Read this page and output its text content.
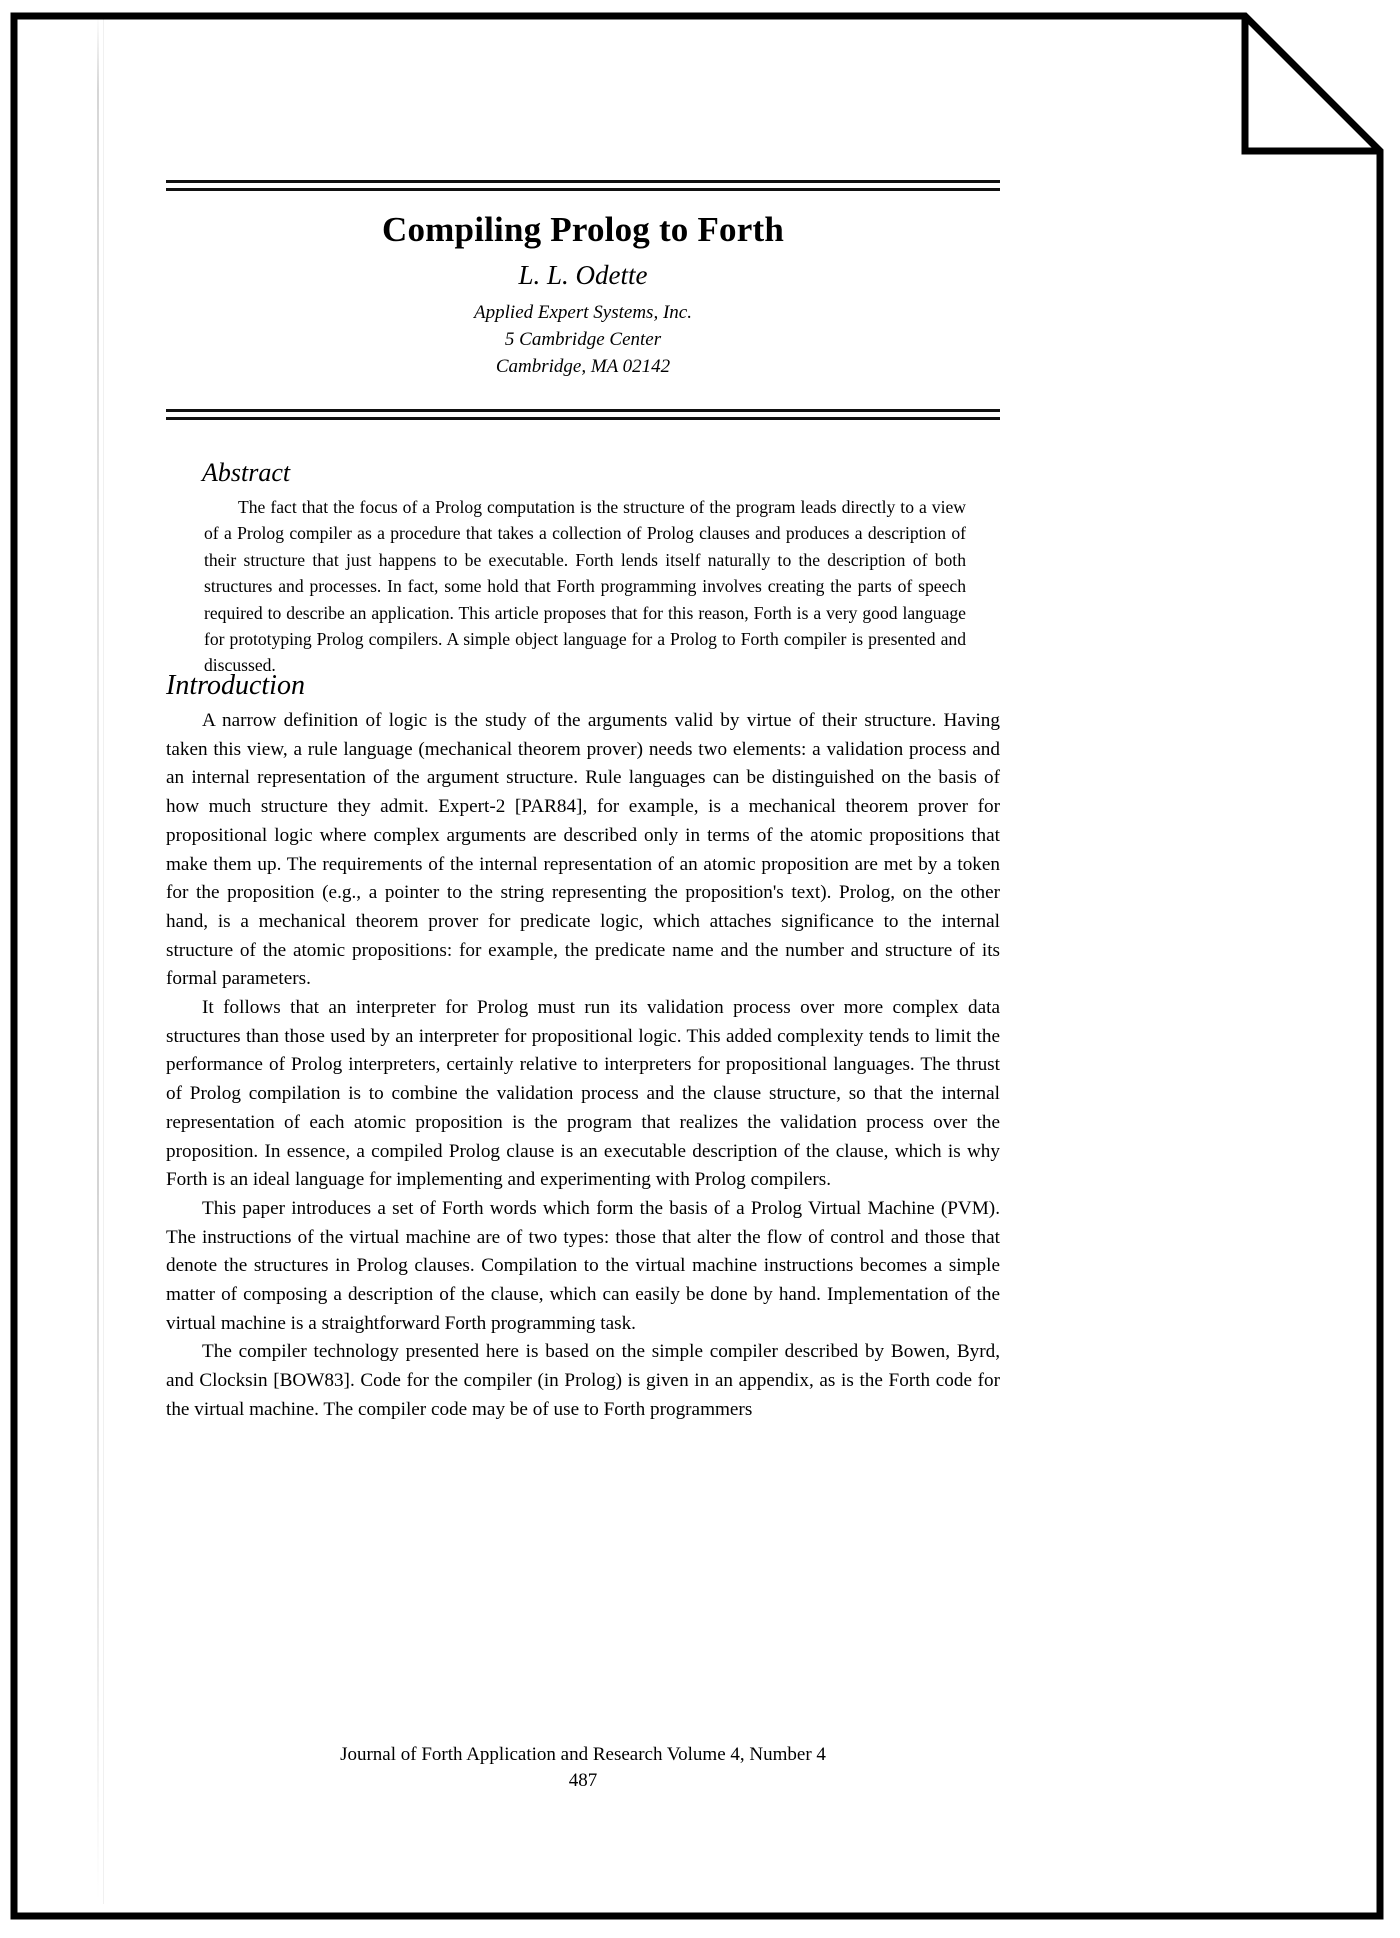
Compiling Prolog to Forth
L. L. Odette
Applied Expert Systems, Inc.
5 Cambridge Center
Cambridge, MA 02142
Abstract

The fact that the focus of a Prolog computation is the structure of the program leads directly to a view of a Prolog compiler as a procedure that takes a collection of Prolog clauses and produces a description of their structure that just happens to be executable. Forth lends itself naturally to the description of both structures and processes. In fact, some hold that Forth programming involves creating the parts of speech required to describe an application. This article proposes that for this reason, Forth is a very good language for prototyping Prolog compilers. A simple object language for a Prolog to Forth compiler is presented and discussed.

Introduction

A narrow definition of logic is the study of the arguments valid by virtue of their structure. Having taken this view, a rule language (mechanical theorem prover) needs two elements: a validation process and an internal representation of the argument structure. Rule languages can be distinguished on the basis of how much structure they admit. Expert-2 [PAR84], for example, is a mechanical theorem prover for propositional logic where complex arguments are described only in terms of the atomic propositions that make them up. The requirements of the internal representation of an atomic proposition are met by a token for the proposition (e.g., a pointer to the string representing the proposition's text). Prolog, on the other hand, is a mechanical theorem prover for predicate logic, which attaches significance to the internal structure of the atomic propositions: for example, the predicate name and the number and structure of its formal parameters.

It follows that an interpreter for Prolog must run its validation process over more complex data structures than those used by an interpreter for propositional logic. This added complexity tends to limit the performance of Prolog interpreters, certainly relative to interpreters for propositional languages. The thrust of Prolog compilation is to combine the validation process and the clause structure, so that the internal representation of each atomic proposition is the program that realizes the validation process over the proposition. In essence, a compiled Prolog clause is an executable description of the clause, which is why Forth is an ideal language for implementing and experimenting with Prolog compilers.

This paper introduces a set of Forth words which form the basis of a Prolog Virtual Machine (PVM). The instructions of the virtual machine are of two types: those that alter the flow of control and those that denote the structures in Prolog clauses. Compilation to the virtual machine instructions becomes a simple matter of composing a description of the clause, which can easily be done by hand. Implementation of the virtual machine is a straightforward Forth programming task.

The compiler technology presented here is based on the simple compiler described by Bowen, Byrd, and Clocksin [BOW83]. Code for the compiler (in Prolog) is given in an appendix, as is the Forth code for the virtual machine. The compiler code may be of use to Forth programmers

Journal of Forth Application and Research Volume 4, Number 4
487
